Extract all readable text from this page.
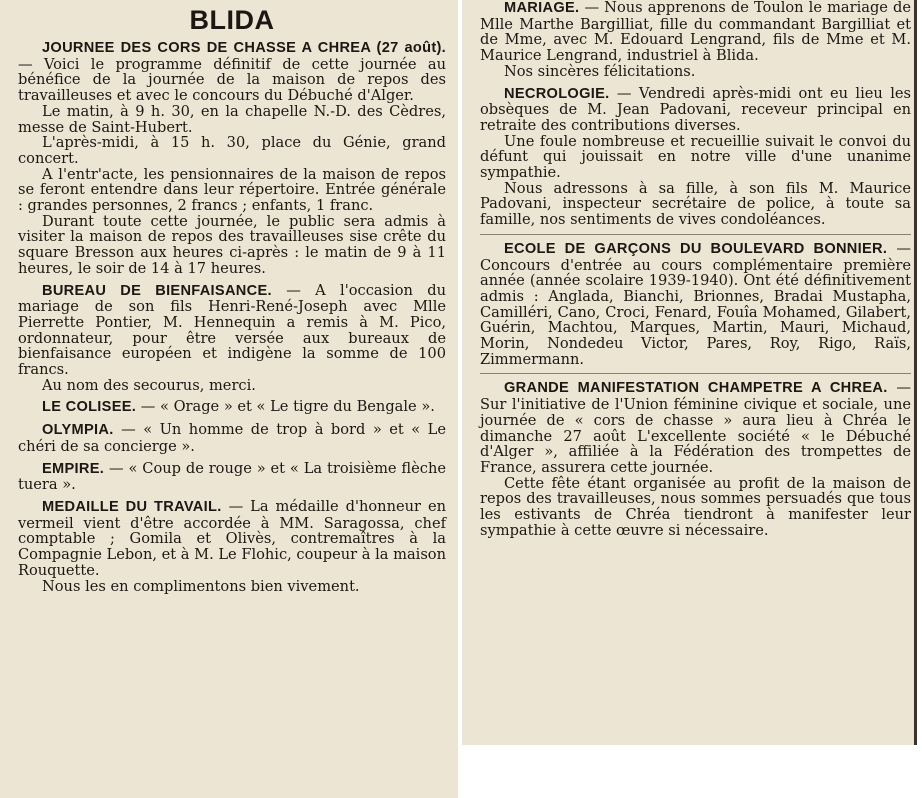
BLIDA

JOURNEE DES CORS DE CHASSE A CHREA (27 août). — Voici le programme définitif de cette journée au bénéfice de la journée de la maison de repos des travailleuses et avec le concours du Débuché d'Alger.

Le matin, à 9 h. 30, en la chapelle N.-D. des Cèdres, messe de Saint-Hubert.

L'après-midi, à 15 h. 30, place du Génie, grand concert.

A l'entr'acte, les pensionnaires de la maison de repos se feront entendre dans leur répertoire. Entrée générale : grandes personnes, 2 francs ; enfants, 1 franc.

Durant toute cette journée, le public sera admis à visiter la maison de repos des travailleuses sise crête du square Bresson aux heures ci-après : le matin de 9 à 11 heures, le soir de 14 à 17 heures.

BUREAU DE BIENFAISANCE. — A l'occasion du mariage de son fils Henri-René-Joseph avec Mlle Pierrette Pontier, M. Hennequin a remis à M. Pico, ordonnateur, pour être versée aux bureaux de bienfaisance européen et indigène la somme de 100 francs.

Au nom des secourus, merci.

LE COLISEE. — « Orage » et « Le tigre du Bengale ».

OLYMPIA. — « Un homme de trop à bord » et « Le chéri de sa concierge ».

EMPIRE. — « Coup de rouge » et « La troisième flèche tuera ».

MEDAILLE DU TRAVAIL. — La médaille d'honneur en vermeil vient d'être accordée à MM. Saragossa, chef comptable ; Gomila et Olivès, contremaîtres à la Compagnie Lebon, et à M. Le Flohic, coupeur à la maison Rouquette.

Nous les en complimentons bien vivement.

MARIAGE. — Nous apprenons de Toulon le mariage de Mlle Marthe Bargilliat, fille du commandant Bargilliat et de Mme, avec M. Edouard Lengrand, fils de Mme et M. Maurice Lengrand, industriel à Blida.

Nos sincères félicitations.

NECROLOGIE. — Vendredi après-midi ont eu lieu les obsèques de M. Jean Padovani, receveur principal en retraite des contributions diverses.

Une foule nombreuse et recueillie suivait le convoi du défunt qui jouissait en notre ville d'une unanime sympathie.

Nous adressons à sa fille, à son fils M. Maurice Padovani, inspecteur secrétaire de police, à toute sa famille, nos sentiments de vives condoléances.

ECOLE DE GARÇONS DU BOULEVARD BONNIER. — Concours d'entrée au cours complémentaire première année (année scolaire 1939-1940). Ont été définitivement admis : Anglada, Bianchi, Brionnes, Bradai Mustapha, Camilléri, Cano, Croci, Fenard, Fouîa Mohamed, Gilabert, Guérin, Machtou, Marques, Martin, Mauri, Michaud, Morin, Nondedeu Victor, Pares, Roy, Rigo, Raïs, Zimmermann.

GRANDE MANIFESTATION CHAMPETRE A CHREA. — Sur l'initiative de l'Union féminine civique et sociale, une journée de « cors de chasse » aura lieu à Chréa le dimanche 27 août L'excellente société « le Débuché d'Alger », affiliée à la Fédération des trompettes de France, assurera cette journée.

Cette fête étant organisée au profit de la maison de repos des travailleuses, nous sommes persuadés que tous les estivants de Chréa tiendront à manifester leur sympathie à cette œuvre si nécessaire.
